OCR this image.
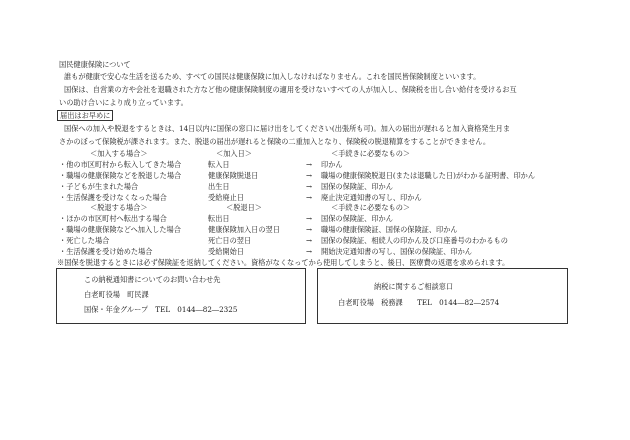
国民健康保険について
誰もが健康で安心な生活を送るため、すべての国民は健康保険に加入しなければなりません。これを国民皆保険制度といいます。
国保は、自営業の方や会社を退職された方など他の健康保険制度の適用を受けないすべての人が加入し、保険税を出し合い給付を受けるお互
いの助け合いにより成り立っています。
届出はお早めに
国保への加入や脱退をするときは、14日以内に国保の窓口に届け出をしてください(出張所も可)。加入の届出が遅れると加入資格発生月ま
さかのぼって保険税が課されます。また、脱退の届出が遅れると保険の二重加入となり、保険税の脱退精算をすることができません。
＜加入する場合＞	＜加入日＞	＜手続きに必要なもの＞
・他の市区町村から転入してきた場合	転入日	→ 印かん
・職場の健康保険などを脱退した場合	健康保険脱退日	→ 職場の健康保険脱退日(または退職した日)がわかる証明書、印かん
・子どもが生まれた場合	出生日	→ 国保の保険証、印かん
・生活保護を受けなくなった場合	受給廃止日	→ 廃止決定通知書の写し、印かん
＜脱退する場合＞	＜脱退日＞	＜手続きに必要なもの＞
・ほかの市区町村へ転出する場合	転出日	→ 国保の保険証、印かん
・職場の健康保険などへ加入した場合	健康保険加入日の翌日	→ 職場の健康保険証、国保の保険証、印かん
・死亡した場合	死亡日の翌日	→ 国保の保険証、相続人の印かん及び口座番号のわかるもの
・生活保護を受け始めた場合	受給開始日	→ 開始決定通知書の写し、国保の保険証、印かん
※国保を脱退するときには必ず保険証を返納してください。資格がなくなってから使用してしまうと、後日、医療費の返還を求められます。
この納税通知書についてのお問い合わせ先
白老町役場　町民課
国保・年金グループ　TEL　0144―82―2325
納税に関するご相談窓口
白老町役場　税務課　　TEL　0144―82―2574
